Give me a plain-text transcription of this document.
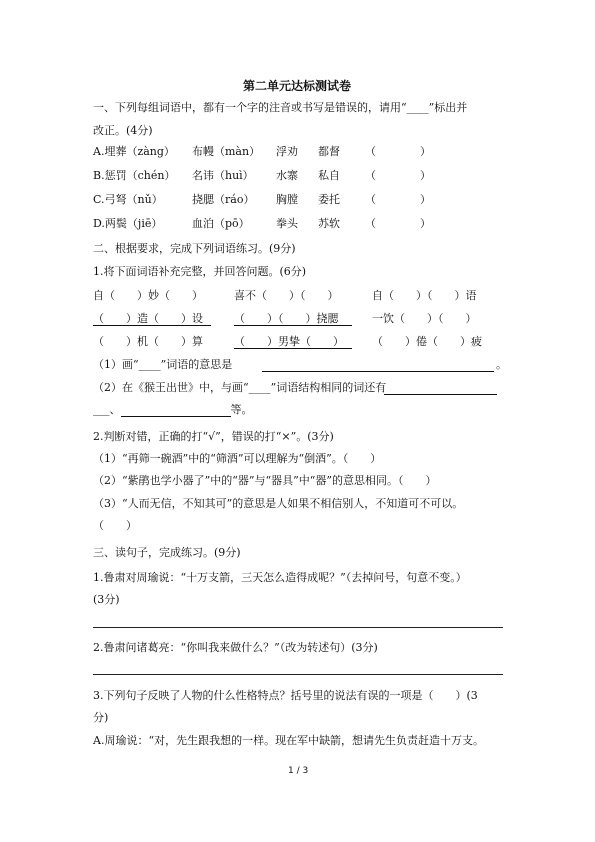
第二单元达标测试卷
一、下列每组词语中，都有一个字的注音或书写是错误的，请用“____”标出并
改正。(4分)
A.埋葬（zàng） 布幔（màn） 浮劝 都督 （　　　　）
B.惩罚（chén） 名讳（huì） 水寨 私自 （　　　　）
C.弓弩（nǔ）	挠腮（ráo） 胸膛 委托 （　　　　）
D.两鬓（jiē）	血泊（pō） 拳头 苏软 （　　　　）
二、根据要求，完成下列词语练习。(9分)
1.将下面词语补充完整，并回答问题。(6分)
自（　　）妙（　　）	喜不（　　）（　　）	自（　　）（　　）语
（　　）造（　　）设	（　　）（　　）挠腮	一饮（　　）（　　）
（　　）机（　　）算	（　　）男挚（　　）	（　　）倦（　　）疲
（1）画“____”词语的意思是	。
（2）在《猴王出世》中，与画“____”词语结构相同的词还有
___、	等。
2.判断对错，正确的打“√”，错误的打“×”。(3分)
（1）“再筛一碗酒”中的“筛酒”可以理解为“倒酒”。（　　）
（2）“紫鹃也学小器了”中的“器”与“器具”中“器”的意思相同。（　　）
（3）“人而无信，不知其可”的意思是人如果不相信别人，不知道可不可以。
（　　）
三、读句子，完成练习。(9分)
1.鲁肃对周瑜说：“十万支箭，三天怎么造得成呢？”（去掉问号，句意不变。）
(3分)
2.鲁肃问诸葛亮：“你叫我来做什么？”（改为转述句）(3分)
3.下列句子反映了人物的什么性格特点？括号里的说法有误的一项是（　　）(3
分)
A.周瑜说：“对，先生跟我想的一样。现在军中缺箭，想请先生负责赶造十万支。
1 / 3
